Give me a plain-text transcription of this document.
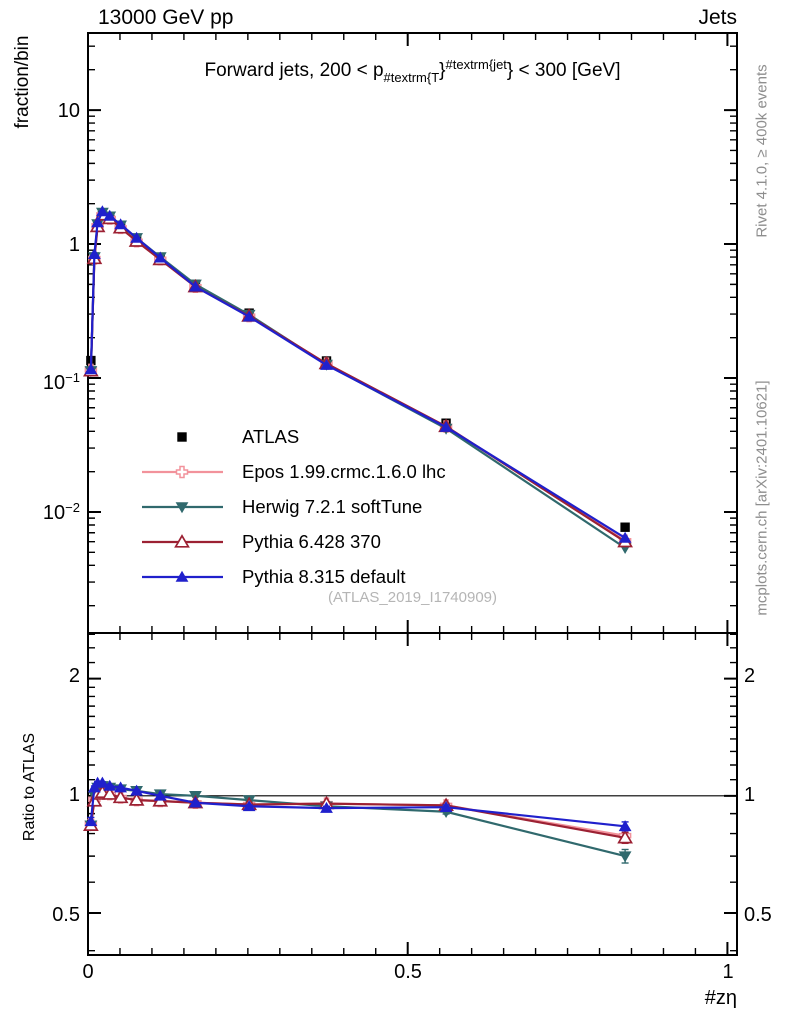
13000 GeV pp	Jets
Forward jets, $200 < p_{\#textrm\{T}\}^{\#textrm\{jet}\} < 300$ [GeV]
10
1
$10^{-1}$
$10^{-2}$
2
1
0.5
2
1
0.5
0	0.5	1
#zη
fraction/bin
Ratio to ATLAS
Rivet 4.1.0, ≥ 400k events
mcplots.cern.ch [arXiv:2401.10621]
(ATLAS_2019_I1740909)
ATLAS
Epos 1.99.crmc.1.6.0 lhc
Herwig 7.2.1 softTune
Pythia 6.428 370
Pythia 8.315 default
